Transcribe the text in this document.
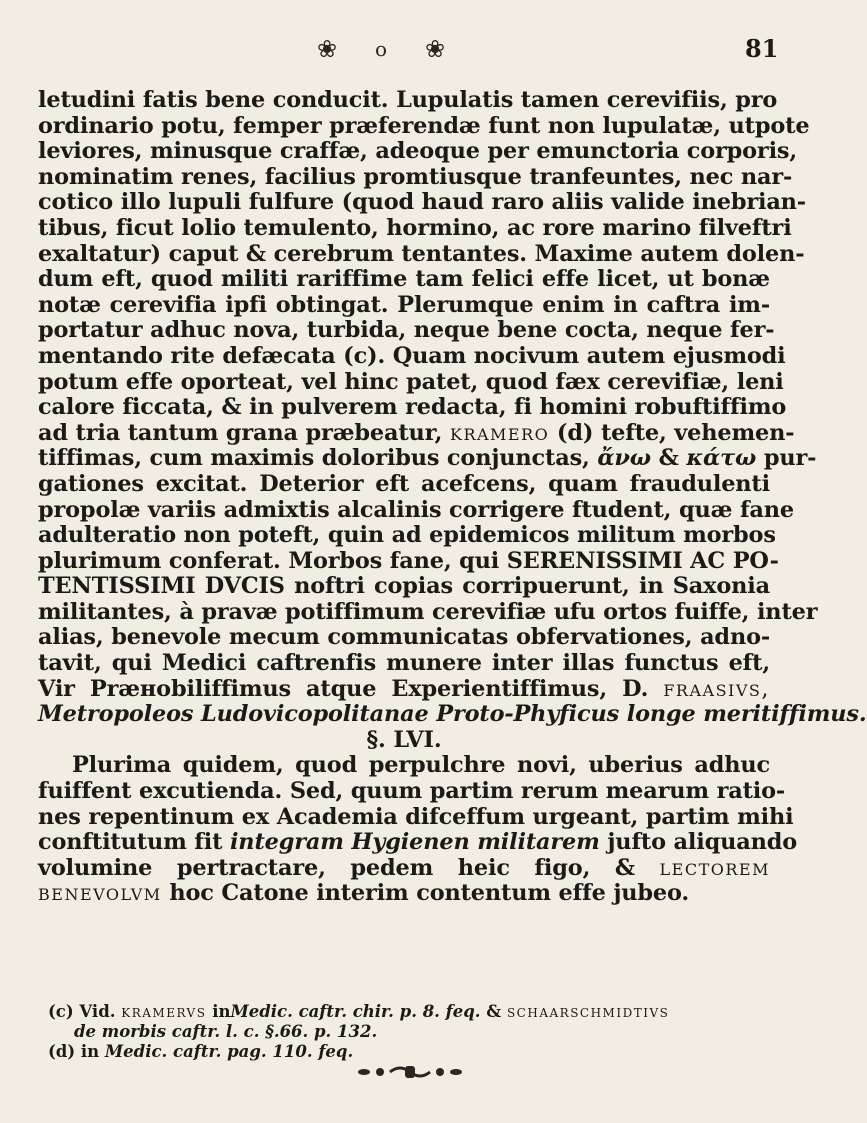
❀ o ❀	81

letudini fatis bene conducit. Lupulatis tamen cerevifiis, pro
ordinario potu, femper præferendæ funt non lupulatæ, utpote
leviores, minusque craffæ, adeoque per emunctoria corporis,
nominatim renes, facilius promtiusque tranfeuntes, nec nar-
cotico illo lupuli fulfure (quod haud raro aliis valide inebrian-
tibus, ficut lolio temulento, hormino, ac rore marino filveftri
exaltatur) caput & cerebrum tentantes. Maxime autem dolen-
dum eft, quod militi rariffime tam felici effe licet, ut bonæ
notæ cerevifia ipfi obtingat. Plerumque enim in caftra im-
portatur adhuc nova, turbida, neque bene cocta, neque fer-
mentando rite defæcata (c). Quam nocivum autem ejusmodi
potum effe oporteat, vel hinc patet, quod fæx cerevifiæ, leni
calore ficcata, & in pulverem redacta, fi homini robuftiffimo
ad tria tantum grana præbeatur, kramero (d) tefte, vehemen-
tiffimas, cum maximis doloribus conjunctas, ἄνω & κάτω pur-
gationes excitat. Deterior eft acefcens, quam fraudulenti
propolæ variis admixtis alcalinis corrigere ftudent, quæ fane
adulteratio non poteft, quin ad epidemicos militum morbos
plurimum conferat. Morbos fane, qui SERENISSIMI AC PO-
TENTISSIMI DVCIS noftri copias corripuerunt, in Saxonia
militantes, à pravæ potiffimum cerevifiæ ufu ortos fuiffe, inter
alias, benevole mecum communicatas obfervationes, adno-
tavit, qui Medici caftrenfis munere inter illas functus eft,
Vir Præнobiliffimus atque Experientiffimus, D. fraasivs,
Metropoleos Ludovicopolitanae Proto-Phyficus longe meritiffimus.

§. LVI.

Plurima quidem, quod perpulchre novi, uberius adhuc
fuiffent excutienda. Sed, quum partim rerum mearum ratio-
nes repentinum ex Academia difceffum urgeant, partim mihi
conftitutum fit integram Hygienen militarem jufto aliquando
volumine pertractare, pedem heic figo, & lectorem
benevolvm hoc Catone interim contentum effe jubeo.

(c) Vid. kramervs inMedic. caftr. chir. p. 8. feq. & schaarschmidtivs
de morbis caftr. l. c. §.66. p. 132.
(d) in Medic. caftr. pag. 110. feq.
